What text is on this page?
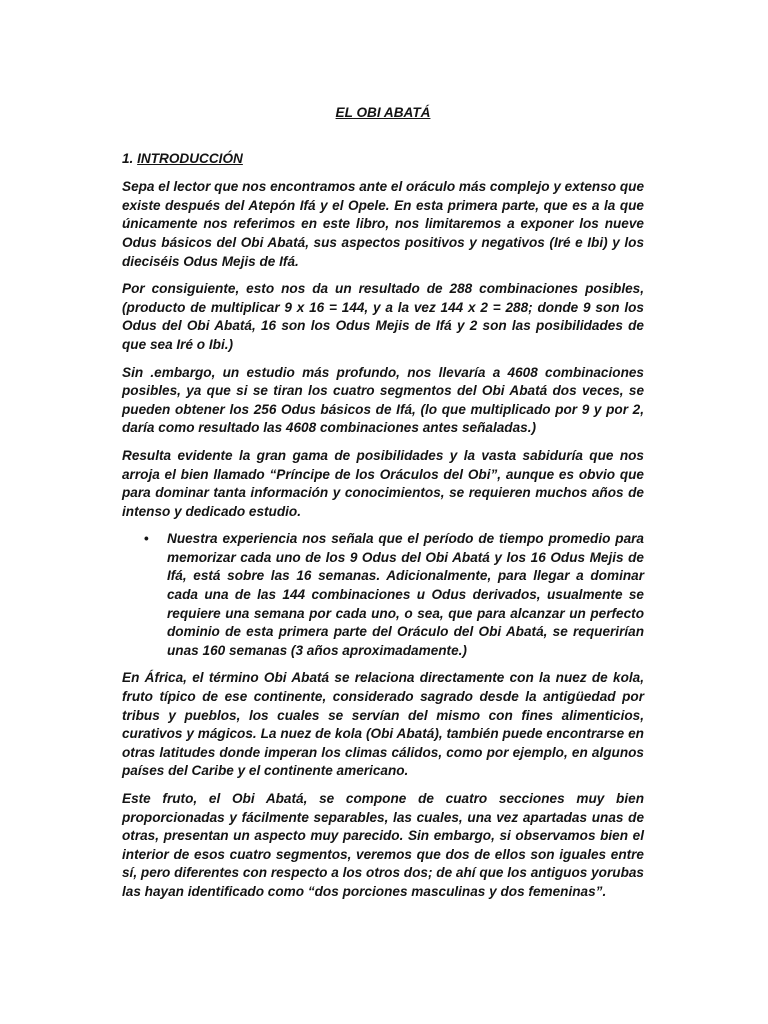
EL OBI ABATÁ
1. INTRODUCCIÓN

Sepa el lector que nos encontramos ante el oráculo más complejo y extenso que existe después del Atepón Ifá y el Opele. En esta primera parte, que es a la que únicamente nos referimos en este libro, nos limitaremos a exponer los nueve Odus básicos del Obi Abatá, sus aspectos positivos y negativos (Iré e Ibi) y los dieciséis Odus Mejis de Ifá.

Por consiguiente, esto nos da un resultado de 288 combinaciones posibles, (producto de multiplicar 9 x 16 = 144, y a la vez 144 x 2 = 288; donde 9 son los Odus del Obi Abatá, 16 son los Odus Mejis de Ifá y 2 son las posibilidades de que sea Iré o Ibi.)

Sin .embargo, un estudio más profundo, nos llevaría a 4608 combinaciones posibles, ya que si se tiran los cuatro segmentos del Obi Abatá dos veces, se pueden obtener los 256 Odus básicos de Ifá, (lo que multiplicado por 9 y por 2, daría como resultado las 4608 combinaciones antes señaladas.)

Resulta evidente la gran gama de posibilidades y la vasta sabiduría que nos arroja el bien llamado “Príncipe de los Oráculos del Obi”, aunque es obvio que para dominar tanta información y conocimientos, se requieren muchos años de intenso y dedicado estudio.

• Nuestra experiencia nos señala que el período de tiempo promedio para memorizar cada uno de los 9 Odus del Obi Abatá y los 16 Odus Mejis de Ifá, está sobre las 16 semanas. Adicionalmente, para llegar a dominar cada una de las 144 combinaciones u Odus derivados, usualmente se requiere una semana por cada uno, o sea, que para alcanzar un perfecto dominio de esta primera parte del Oráculo del Obi Abatá, se requerirían unas 160 semanas (3 años aproximadamente.)

En África, el término Obi Abatá se relaciona directamente con la nuez de kola, fruto típico de ese continente, considerado sagrado desde la antigüedad por tribus y pueblos, los cuales se servían del mismo con fines alimenticios, curativos y mágicos. La nuez de kola (Obi Abatá), también puede encontrarse en otras latitudes donde imperan los climas cálidos, como por ejemplo, en algunos países del Caribe y el continente americano.

Este fruto, el Obi Abatá, se compone de cuatro secciones muy bien proporcionadas y fácilmente separables, las cuales, una vez apartadas unas de otras, presentan un aspecto muy parecido. Sin embargo, si observamos bien el interior de esos cuatro segmentos, veremos que dos de ellos son iguales entre sí, pero diferentes con respecto a los otros dos; de ahí que los antiguos yorubas las hayan identificado como “dos porciones masculinas y dos femeninas”.
